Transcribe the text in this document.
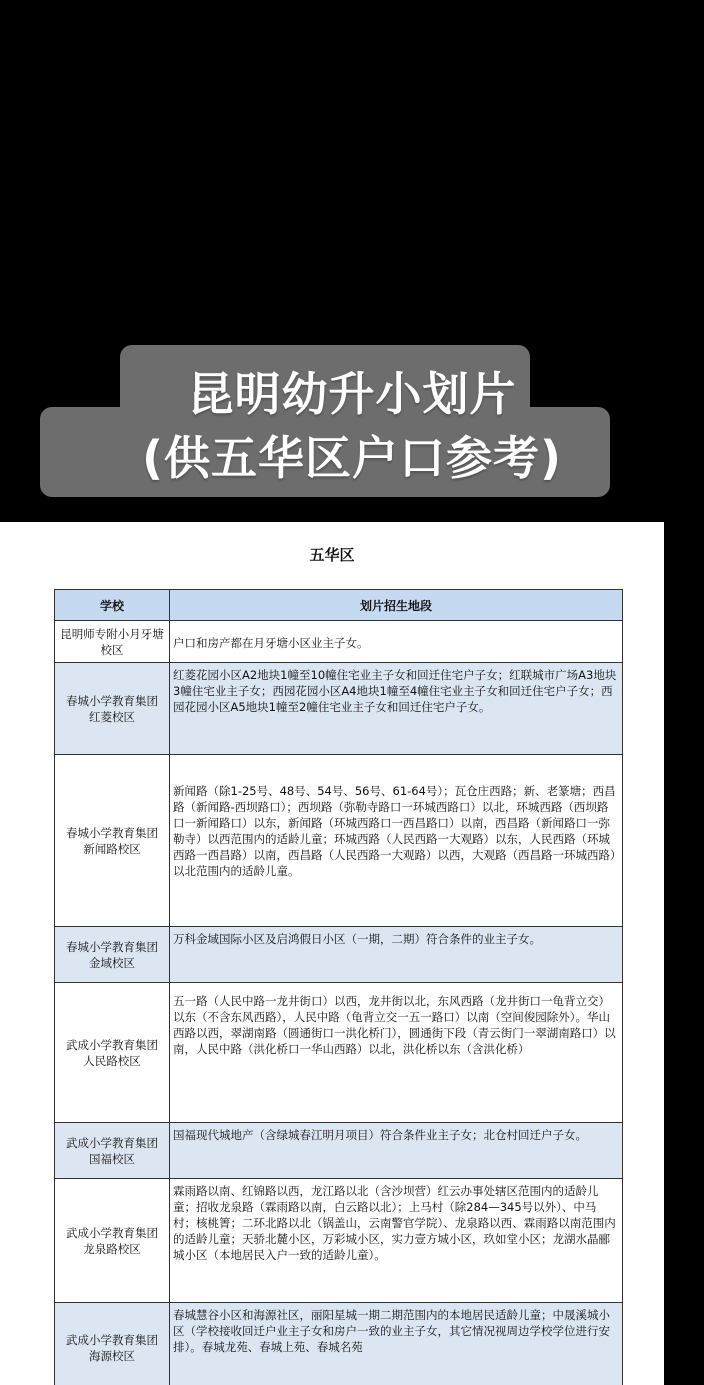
昆明幼升小划片
(供五华区户口参考)
五华区
学校	划片招生地段
昆明师专附小月牙塘校区	户口和房产都在月牙塘小区业主子女。
春城小学教育集团 红菱校区	红菱花园小区A2地块1幢至10幢住宅业主子女和回迁住宅户子女；红联城市广场A3地块3幢住宅业主子女；西园花园小区A4地块1幢至4幢住宅业主子女和回迁住宅户子女；西园花园小区A5地块1幢至2幢住宅业主子女和回迁住宅户子女。
春城小学教育集团 新闻路校区	新闻路（除1-25号、48号、54号、56号、61-64号）；瓦仓庄西路；新、老篆塘；西昌路（新闻路-西坝路口）；西坝路（弥勒寺路口一环城西路口）以北，环城西路（西坝路口一新闻路口）以东，新闻路（环城西路口一西昌路口）以南，西昌路（新闻路口一弥勒寺）以西范围内的适龄儿童；环城西路（人民西路一大观路）以东，人民西路（环城西路一西昌路）以南，西昌路（人民西路一大观路）以西，大观路（西昌路一环城西路）以北范围内的适龄儿童。
春城小学教育集团 金域校区	万科金域国际小区及启鸿假日小区（一期，二期）符合条件的业主子女。
武成小学教育集团 人民路校区	五一路（人民中路一龙井街口）以西，龙井街以北，东风西路（龙井街口一龟背立交）以东（不含东风西路），人民中路（龟背立交一五一路口）以南（空间俊园除外）。华山西路以西，翠湖南路（圆通街口一洪化桥门），圆通街下段（青云街门一翠湖南路口）以南，人民中路（洪化桥口一华山西路）以北，洪化桥以东（含洪化桥）
武成小学教育集团 国福校区	国福现代城地产（含绿城春江明月项目）符合条件业主子女；北仓村回迁户子女。
武成小学教育集团 龙泉路校区	霖雨路以南、红锦路以西，龙江路以北（含沙坝营）红云办事处辖区范围内的适龄儿童；招收龙泉路（霖雨路以南，白云路以北）；上马村（除284—345号以外）、中马村；核桃箐；二环北路以北（锅盖山，云南警官学院）、龙泉路以西、霖雨路以南范围内的适龄儿童；天骄北麓小区，万彩城小区，实力壹方城小区，玖如堂小区；龙湖水晶郦城小区（本地居民入户一致的适龄儿童）。
武成小学教育集团 海源校区	春城慧谷小区和海源社区，丽阳星城一期二期范围内的本地居民适龄儿童；中晟溪城小区（学校接收回迁户业主子女和房户一致的业主子女，其它情况视周边学校学位进行安排）。春城龙苑、春城上苑、春城名苑
